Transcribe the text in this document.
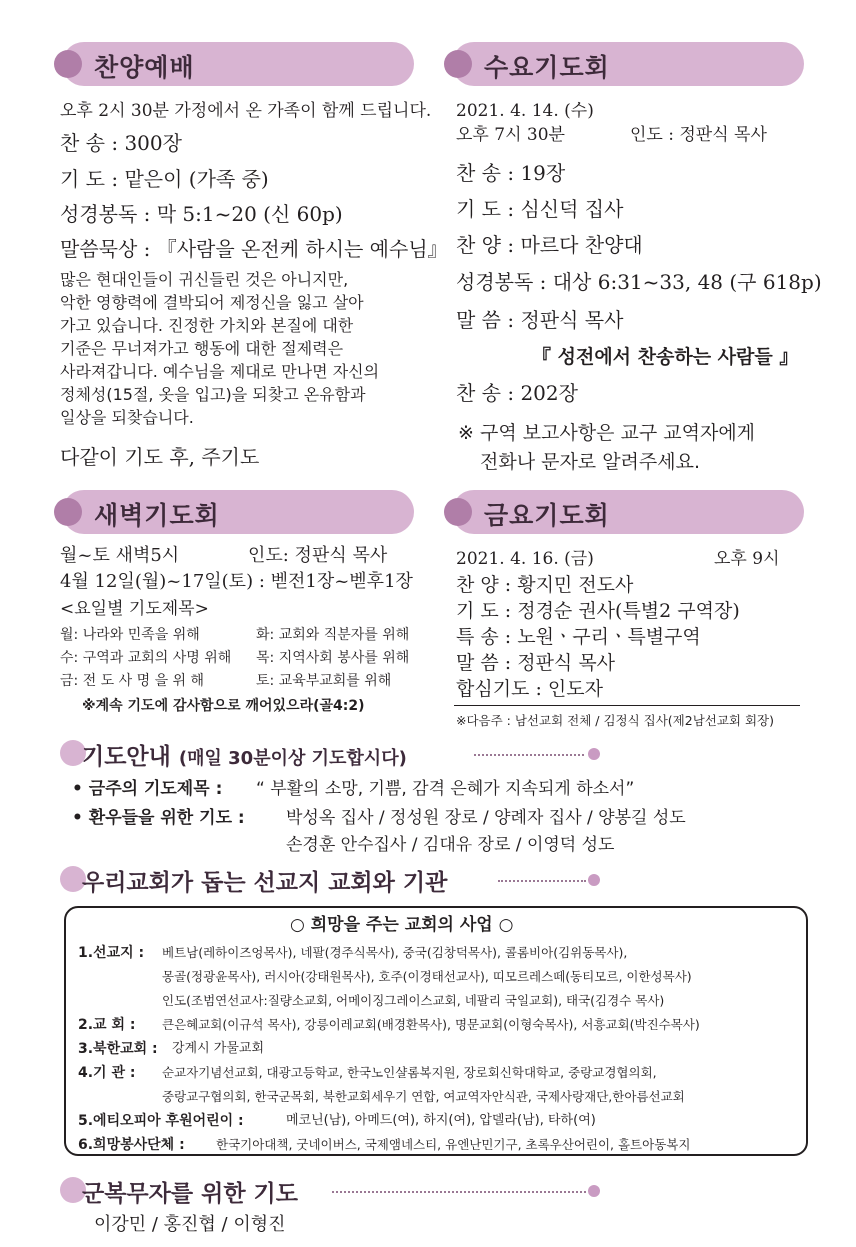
찬양예배
오후 2시 30분 가정에서 온 가족이 함께 드립니다.
찬 송 : 300장
기 도 : 맡은이 (가족 중)
성경봉독 : 막 5:1~20 (신 60p)
말씀묵상 : 『사람을 온전케 하시는 예수님』
많은 현대인들이 귀신들린 것은 아니지만,
악한 영향력에 결박되어 제정신을 잃고 살아
가고 있습니다. 진정한 가치와 본질에 대한
기준은 무너져가고 행동에 대한 절제력은
사라져갑니다. 예수님을 제대로 만나면 자신의
정체성(15절, 옷을 입고)을 되찾고 온유함과
일상을 되찾습니다.
다같이 기도 후, 주기도
수요기도회
2021. 4. 14. (수)
오후 7시 30분	인도 : 정판식 목사
찬 송 : 19장
기 도 : 심신덕 집사
찬 양 : 마르다 찬양대
성경봉독 : 대상 6:31~33, 48 (구 618p)
말 씀 : 정판식 목사
『 성전에서 찬송하는 사람들 』
찬 송 : 202장
※ 구역 보고사항은 교구 교역자에게
전화나 문자로 알려주세요.
새벽기도회
월~토 새벽5시	인도: 정판식 목사
4월 12일(월)~17일(토) : 벧전1장~벧후1장
<요일별 기도제목>
월: 나라와 민족을 위해	화: 교회와 직분자를 위해
수: 구역과 교회의 사명 위해 목: 지역사회 봉사를 위해
금: 전 도 사 명 을 위 해	토: 교육부교회를 위해
※계속 기도에 감사함으로 깨어있으라(골4:2)
금요기도회
2021. 4. 16. (금)	오후 9시
찬 양 : 황지민 전도사
기 도 : 정경순 권사(특별2 구역장)
특 송 : 노원ㆍ구리ㆍ특별구역
말 씀 : 정판식 목사
합심기도 : 인도자
※다음주 : 남선교회 전체 / 김정식 집사(제2남선교회 회장)
기도안내 (매일 30분이상 기도합시다)
• 금주의 기도제목 : “ 부활의 소망, 기쁨, 감격 은혜가 지속되게 하소서”
• 환우들을 위한 기도 : 박성옥 집사 / 정성원 장로 / 양례자 집사 / 양봉길 성도
손경훈 안수집사 / 김대유 장로 / 이영덕 성도
우리교회가 돕는 선교지 교회와 기관
○ 희망을 주는 교회의 사업 ○
1.선교지 : 베트남(레하이즈엉목사), 네팔(경주식목사), 중국(김창덕목사), 콜롬비아(김위동목사),
몽골(정광윤목사), 러시아(강태원목사), 호주(이경태선교사), 띠모르레스떼(동티모르, 이한성목사)
인도(조범연선교사:질량소교회, 어메이징그레이스교회, 네팔리 국일교회), 태국(김경수 목사)
2.교 회 : 큰은혜교회(이규석 목사), 강릉이레교회(배경환목사), 명문교회(이형숙목사), 서흥교회(박진수목사)
3.북한교회 : 강계시 가물교회
4.기 관 : 순교자기념선교회, 대광고등학교, 한국노인샬롬복지원, 장로회신학대학교, 중랑교경협의회,
중랑교구협의회, 한국군목회, 북한교회세우기 연합, 여교역자안식관, 국제사랑재단,한아름선교회
5.에티오피아 후원어린이 :	메코닌(남), 아메드(여), 하지(여), 압델라(남), 타하(여)
6.희망봉사단체 :	한국기아대책, 굿네이버스, 국제앰네스티, 유엔난민기구, 초록우산어린이, 홀트아동복지
군복무자를 위한 기도
이강민 / 홍진협 / 이형진
